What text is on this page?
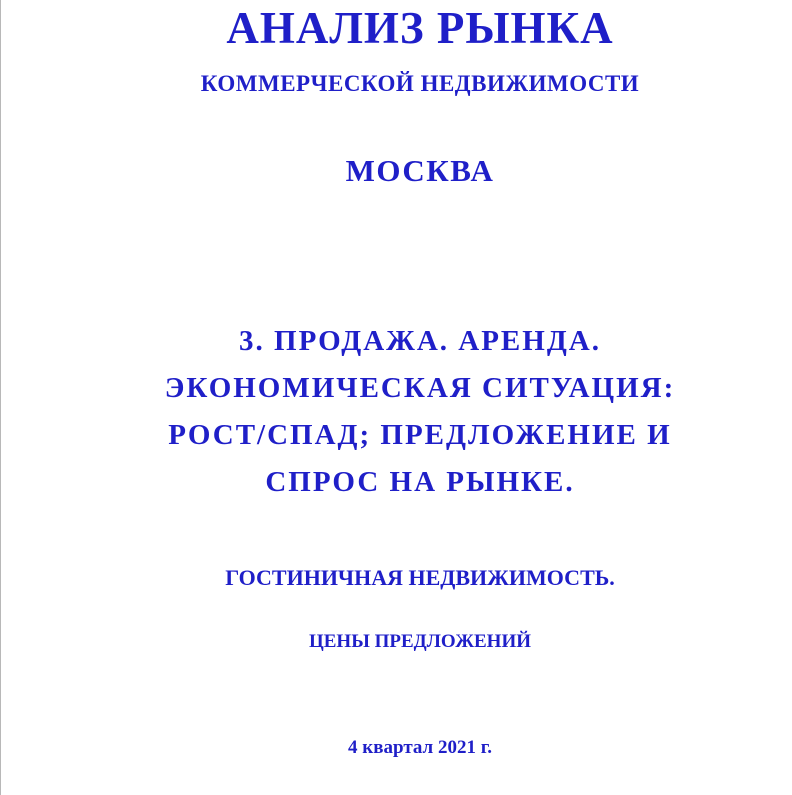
АНАЛИЗ РЫНКА
КОММЕРЧЕСКОЙ НЕДВИЖИМОСТИ
МОСКВА
3. ПРОДАЖА. АРЕНДА.
ЭКОНОМИЧЕСКАЯ СИТУАЦИЯ:
РОСТ/СПАД; ПРЕДЛОЖЕНИЕ И
СПРОС НА РЫНКЕ.
ГОСТИНИЧНАЯ НЕДВИЖИМОСТЬ.
ЦЕНЫ ПРЕДЛОЖЕНИЙ
4 квартал 2021 г.
